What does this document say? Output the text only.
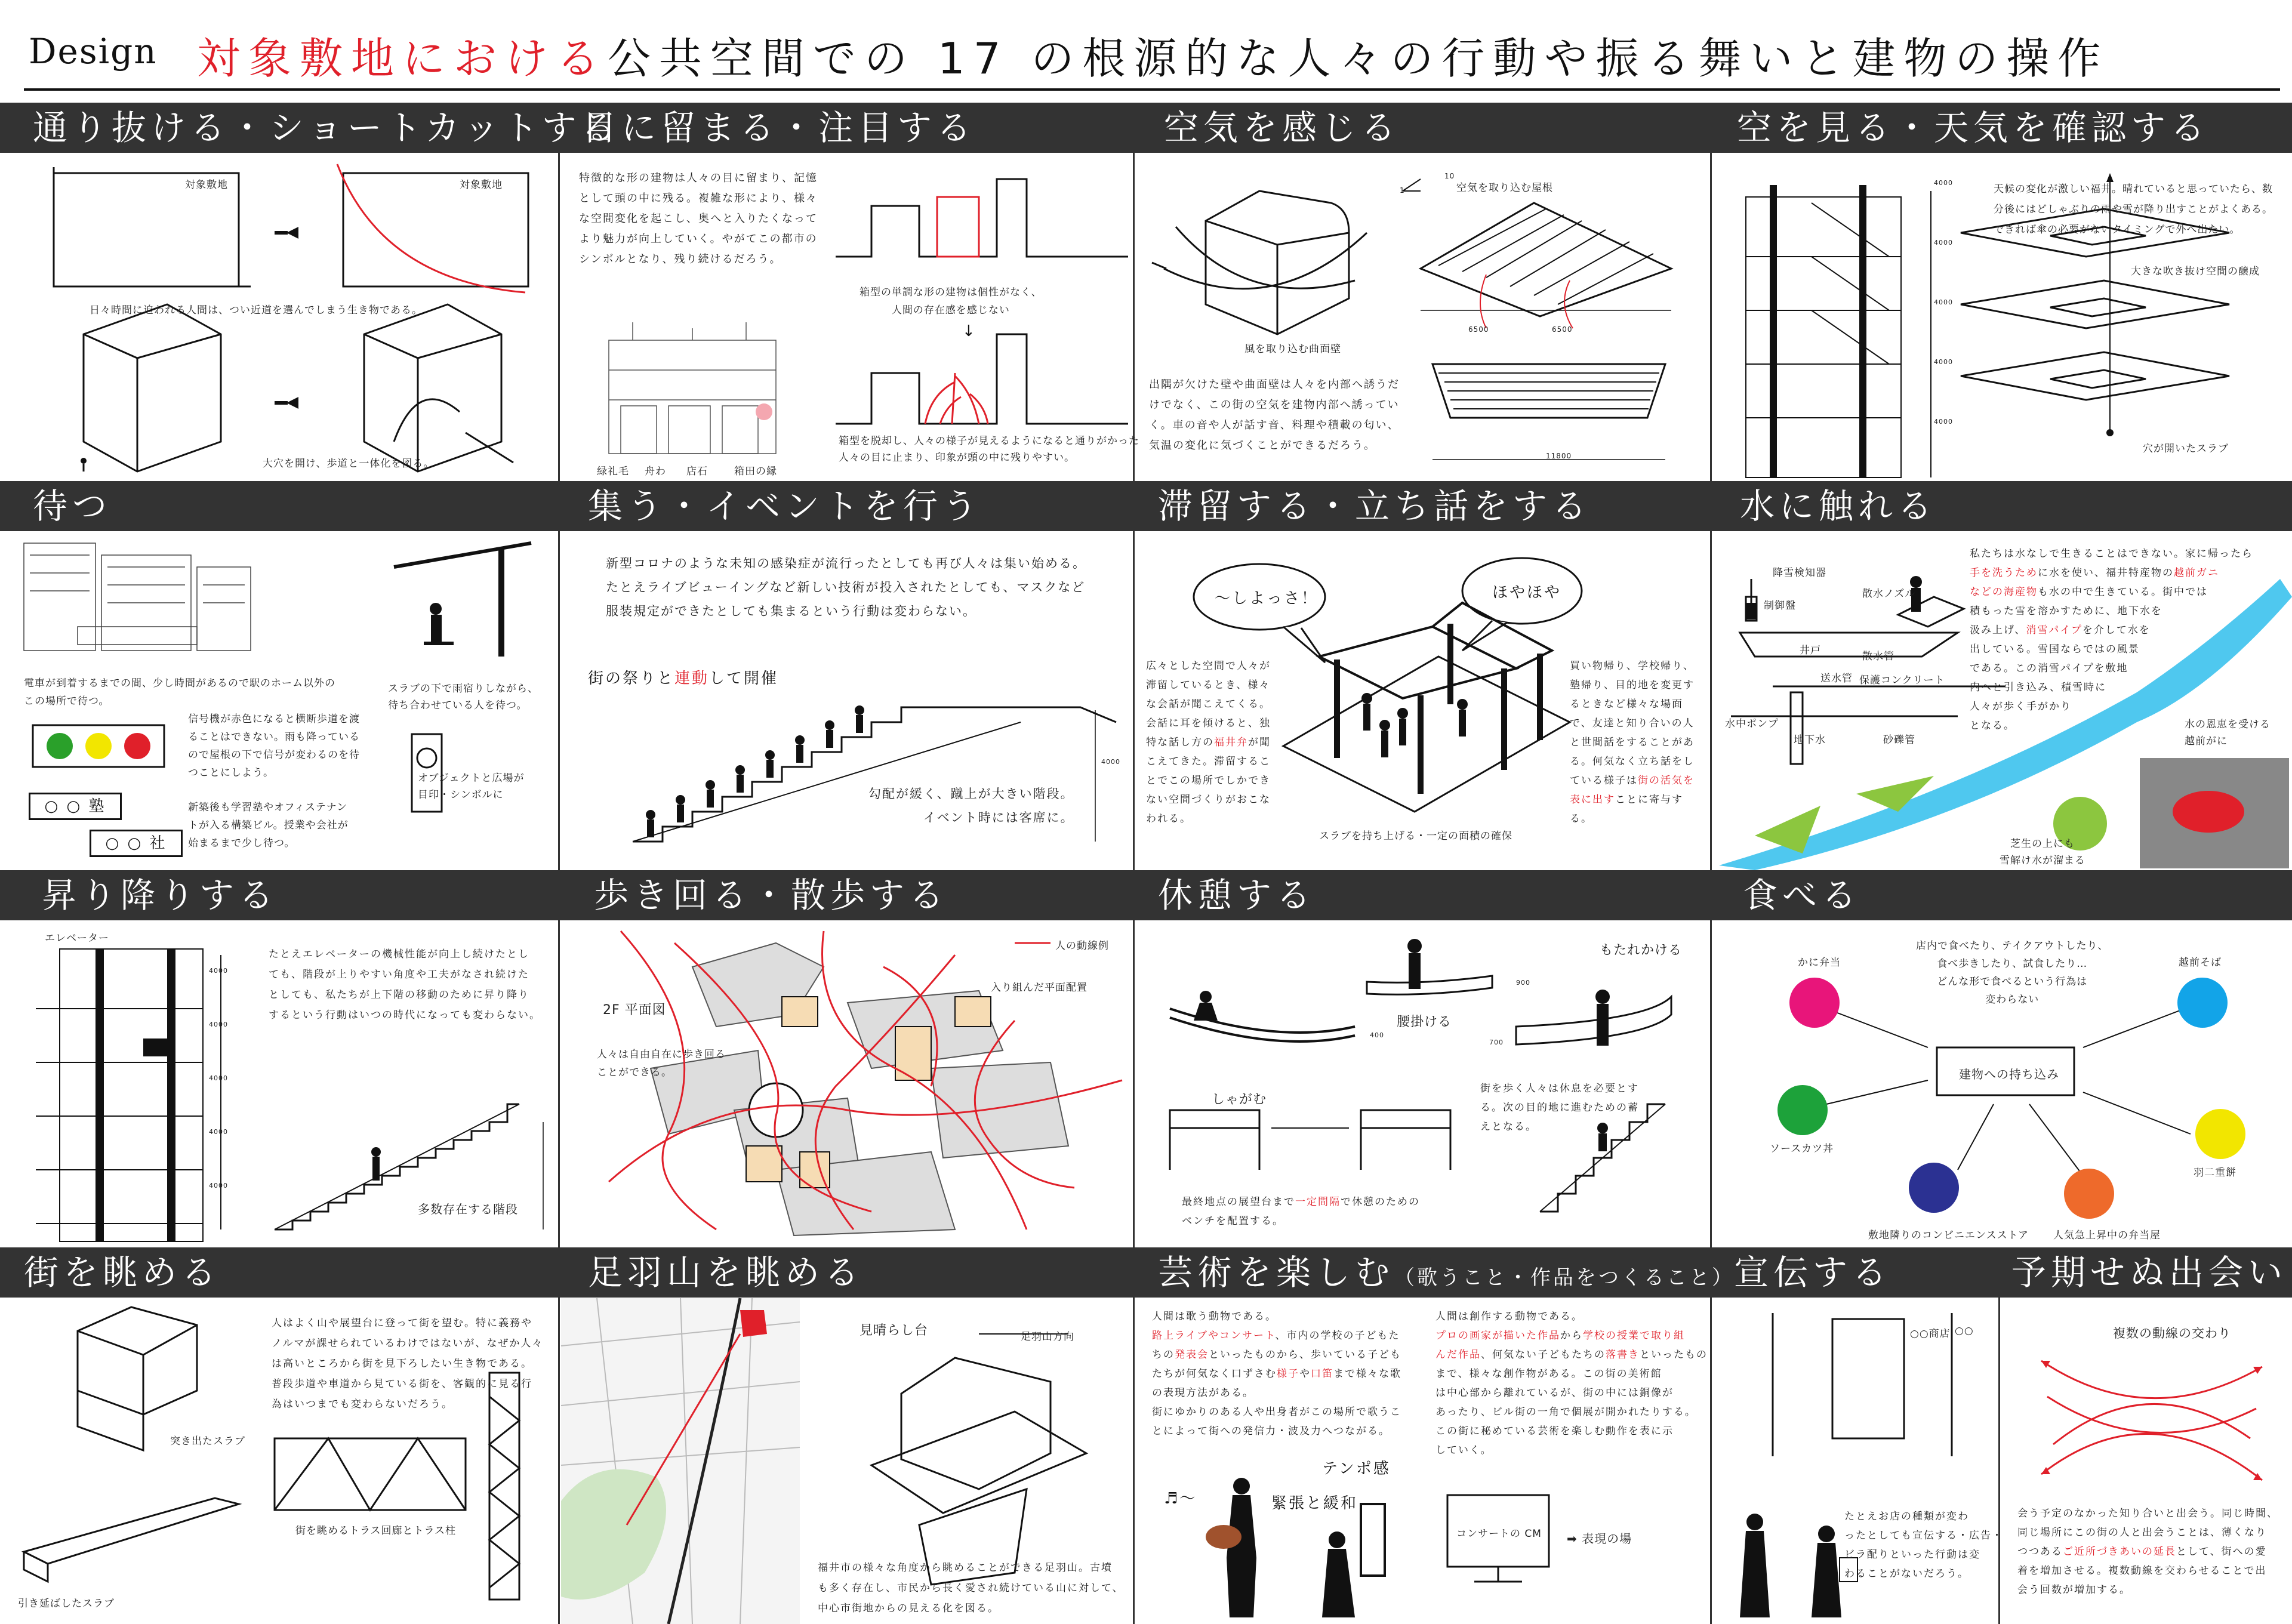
Design 対象敷地における公共空間での 17 の根源的な人々の行動や振る舞いと建物の操作
通り抜ける・ショートカットする
目に留まる・注目する	空気を感じる	空を見る・天気を確認する
待つ	集う・イベントを行う	滞留する・立ち話をする	水に触れる
昇り降りする	歩き回る・散歩する	休憩する	食べる
街を眺める	足羽山を眺める	芸術を楽しむ（歌うこと・作品をつくること）
宣伝する	予期せぬ出会い
対象敷地	対象敷地
日々時間に迫われる人間は、つい近道を選んでしまう生き物である。
大穴を開け、歩道と一体化を図る。
特徴的な形の建物は人々の目に留まり、記憶
として頭の中に残る。複雑な形により、様々
な空間変化を起こし、奥へと入りたくなって
より魅力が向上していく。やがてこの都市の
シンボルとなり、残り続けるだろう。
箱型の単調な形の建物は個性がなく、
人間の存在感を感じない
↓
箱型を脱却し、人々の様子が見えるようになると通りがかった
人々の目に止まり、印象が頭の中に残りやすい。
緑礼毛 舟わ 店石	箱田の縁
空気を取り込む屋根
10
1
風を取り込む曲面壁
6500	6500
11800
出隅が欠けた壁や曲面壁は人々を内部へ誘うだ
けでなく、この街の空気を建物内部へ誘ってい
く。車の音や人が話す音、料理や積載の匂い、
気温の変化に気づくことができるだろう。
天候の変化が激しい福井。晴れていると思っていたら、数
分後にはどしゃぶりの雨や雪が降り出すことがよくある。
できれば傘の必要がないタイミングで外へ出たい。
大きな吹き抜け空間の醸成
穴が開いたスラブ
4000
4000
4000
4000
4000
電車が到着するまでの間、少し時間があるので駅のホーム以外の
この場所で待つ。
信号機が赤色になると横断歩道を渡
ることはできない。雨も降っている
ので屋根の下で信号が変わるのを待
つことにしよう。
○ ○ 塾
○ ○ 社
新築後も学習塾やオフィステナン
トが入る構築ビル。授業や会社が
始まるまで少し待つ。
スラブの下で雨宿りしながら、
待ち合わせている人を待つ。
オブジェクトと広場が
目印・シンボルに
新型コロナのような未知の感染症が流行ったとしても再び人々は集い始める。
たとえライブビューイングなど新しい技術が投入されたとしても、マスクなど
服装規定ができたとしても集まるという行動は変わらない。
街の祭りと連動して開催
4000
勾配が緩く、蹴上が大きい階段。
イベント時には客席に。
〜しよっさ！	ほやほや
広々とした空間で人々が
滞留しているとき、様々
な会話が聞こえてくる。
会話に耳を傾けると、独
特な話し方の福井弁が聞
こえてきた。滞留するこ
とでこの場所でしかでき
ない空間づくりがおこな
われる。
買い物帰り、学校帰り、
塾帰り、目的地を変更す
るときなど様々な場面
で、友達と知り合いの人
と世間話をすることがあ
る。何気なく立ち話をし
ている様子は街の活気を
表に出すことに寄与す
る。
スラブを持ち上げる・一定の面積の確保
降雪検知器
制御盤
散水ノズル
井戸	散水管
送水管 保護コンクリート
水中ポンプ
地下水	砂礫管
私たちは水なしで生きることはできない。家に帰ったら
手を洗うために水を使い、福井特産物の越前ガニ
などの海産物も水の中で生きている。街中では
積もった雪を溶かすために、地下水を
汲み上げ、消雪パイプを介して水を
出している。雪国ならではの風景
である。この消雪パイプを敷地
内へと引き込み、積雪時に
人々が歩く手がかり
となる。	水の恩恵を受ける
越前がに
芝生の上にも
雪解け水が溜まる
エレベーター
4000
4000
4000
4000
4000
たとえエレベーターの機械性能が向上し続けたとし
ても、階段が上りやすい角度や工夫がなされ続けた
としても、私たちが上下階の移動のために昇り降り
するという行動はいつの時代になっても変わらない。
多数存在する階段
人の動線例
2F 平面図
入り組んだ平面配置
人々は自由自在に歩き回る
ことができる。
しゃがむ
腰掛ける
もたれかける
400
900
700
街を歩く人々は休息を必要とす
る。次の目的地に進むための蓄
えとなる。
最終地点の展望台まで一定間隔で休憩のための
ベンチを配置する。
店内で食べたり、テイクアウトしたり、
食べ歩きしたり、試食したり…
どんな形で食べるという行為は
変わらない
建物への持ち込み
かに弁当	越前そば
ソースカツ丼
羽二重餅
敷地隣りのコンビニエンスストア 人気急上昇中の弁当屋
人はよく山や展望台に登って街を望む。特に義務や
ノルマが課せられているわけではないが、なぜか人々
は高いところから街を見下ろしたい生き物である。
普段歩道や車道から見ている街を、客観的に見る行
為はいつまでも変わらないだろう。
突き出たスラブ
引き延ばしたスラブ
街を眺めるトラス回廊とトラス柱
見晴らし台	足羽山方向
福井市の様々な角度から眺めることができる足羽山。古墳
も多く存在し、市民から長く愛され続けている山に対して、
中心市街地からの見える化を図る。
人間は歌う動物である。
路上ライブやコンサート、市内の学校の子どもた
ちの発表会といったものから、歩いている子ども
たちが何気なく口ずさむ様子や口笛まで様々な歌
の表現方法がある。
街にゆかりのある人や出身者がこの場所で歌うこ
とによって街への発信力・波及力へつながる。
人間は創作する動物である。
プロの画家が描いた作品から学校の授業で取り組
んだ作品、何気ない子どもたちの落書きといったもの
まで、様々な創作物がある。この街の美術館
は中心部から離れているが、街の中には銅像が
あったり、ビル街の一角で個展が開かれたりする。
この街に秘めている芸術を楽しむ動作を表に示
していく。
テンポ感
緊張と緩和
♬〜
コンサートの CM ➡ 表現の場
○○商店 ○○
たとえお店の種類が変わ
ったとしても宣伝する・広告・
ビラ配りといった行動は変
わることがないだろう。
複数の動線の交わり
会う予定のなかった知り合いと出会う。同じ時間、
同じ場所にこの街の人と出会うことは、薄くなり
つつあるご近所づきあいの延長として、街への愛
着を増加させる。複数動線を交わらせることで出
会う回数が増加する。
